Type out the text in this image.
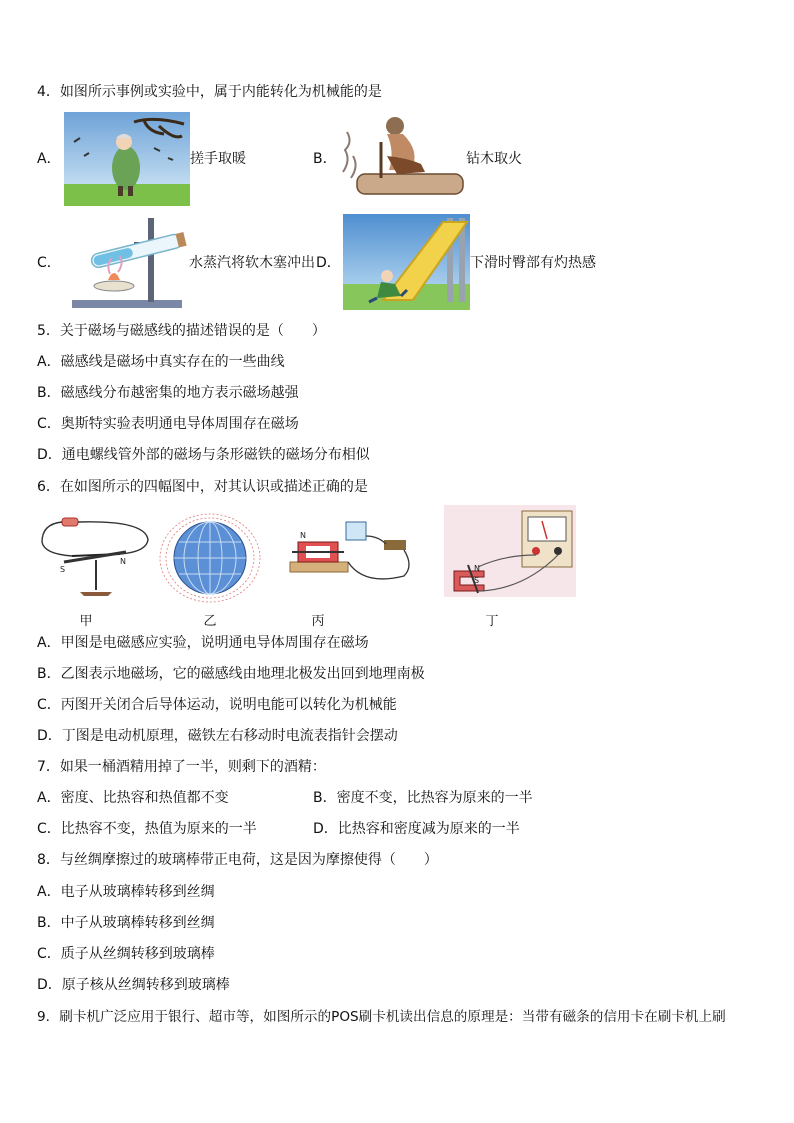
4．如图所示事例或实验中，属于内能转化为机械能的是
A．	搓手取暖	B．	钻木取火
C．	水蒸汽将软木塞冲出 D．	下滑时臀部有灼热感
5．关于磁场与磁感线的描述错误的是（　　）
A．磁感线是磁场中真实存在的一些曲线
B．磁感线分布越密集的地方表示磁场越强
C．奥斯特实验表明通电导体周围存在磁场
D．通电螺线管外部的磁场与条形磁铁的磁场分布相似
6．在如图所示的四幅图中，对其认识或描述正确的是
S
N
甲	乙
N
丙
N
S
丁
A．甲图是电磁感应实验，说明通电导体周围存在磁场
B．乙图表示地磁场，它的磁感线由地理北极发出回到地理南极
C．丙图开关闭合后导体运动，说明电能可以转化为机械能
D．丁图是电动机原理，磁铁左右移动时电流表指针会摆动
7．如果一桶酒精用掉了一半，则剩下的酒精：
A．密度、比热容和热值都不变	B．密度不变，比热容为原来的一半
C．比热容不变，热值为原来的一半	D．比热容和密度减为原来的一半
8．与丝绸摩擦过的玻璃棒带正电荷，这是因为摩擦使得（　　）
A．电子从玻璃棒转移到丝绸
B．中子从玻璃棒转移到丝绸
C．质子从丝绸转移到玻璃棒
D．原子核从丝绸转移到玻璃棒
9．刷卡机广泛应用于银行、超市等，如图所示的POS刷卡机读出信息的原理是：当带有磁条的信用卡在刷卡机上刷
